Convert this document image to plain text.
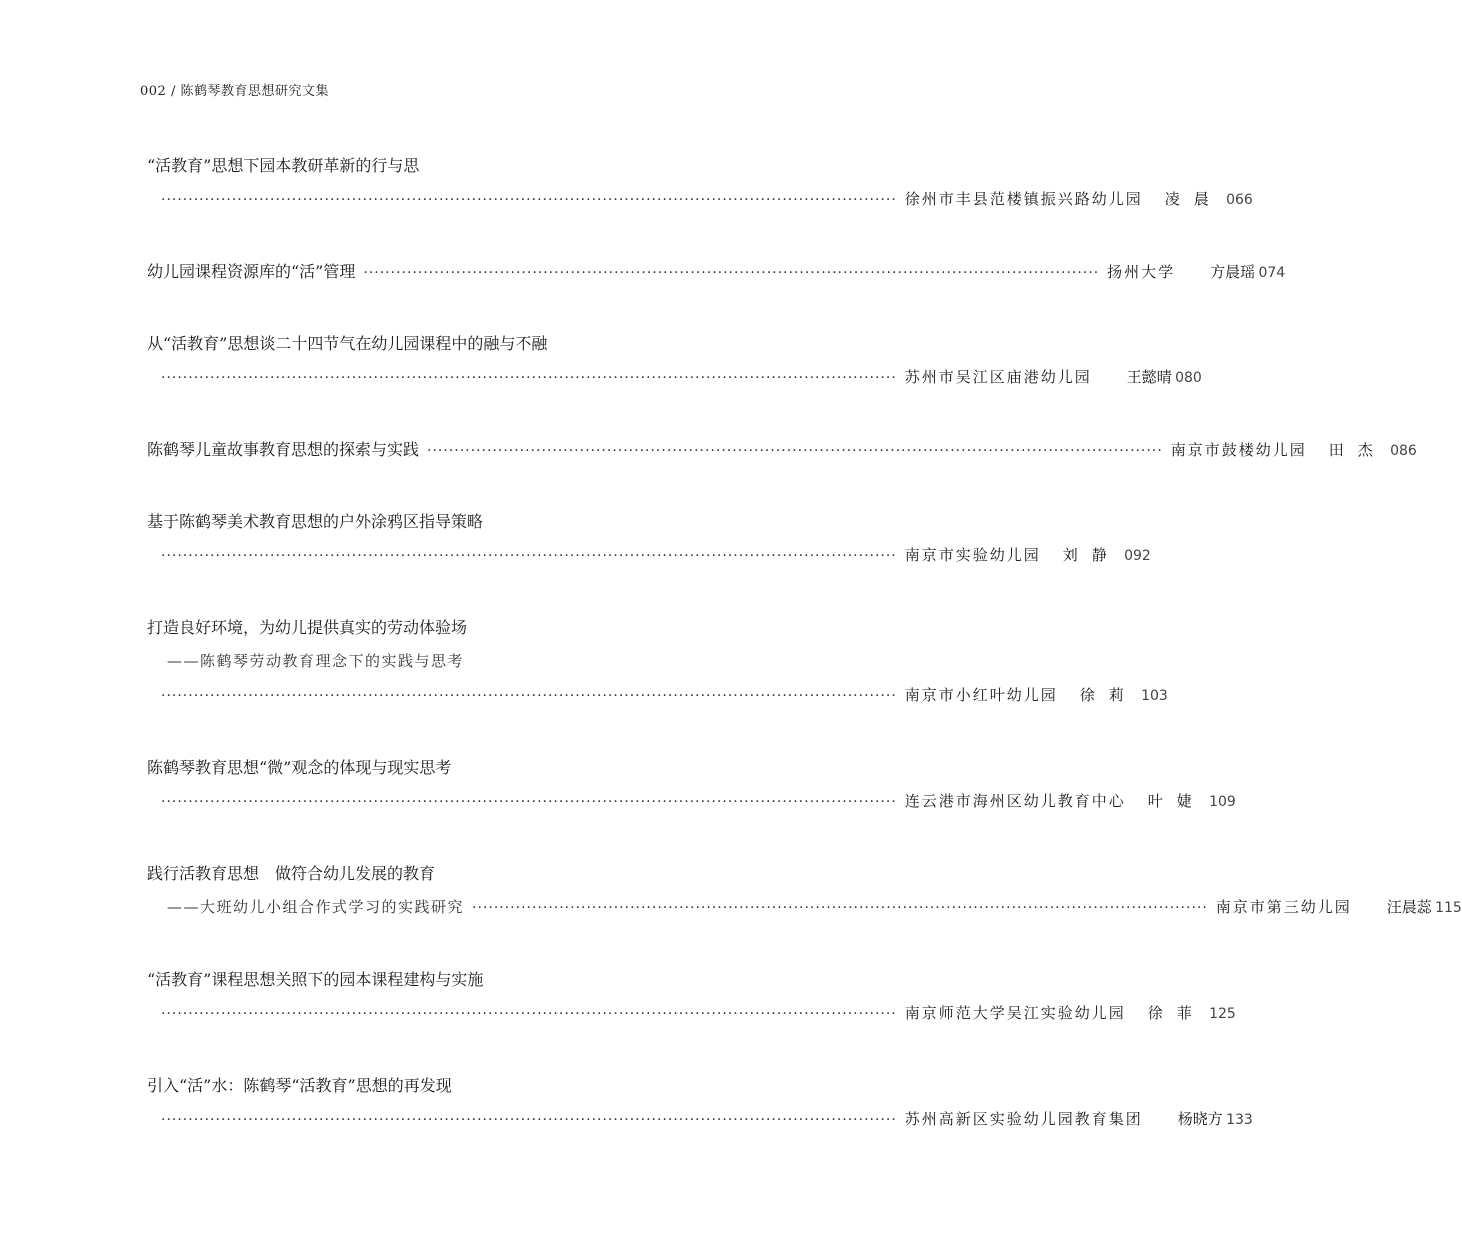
002 / 陈鹤琴教育思想研究文集
“活教育”思想下园本教研革新的行与思
······································································································································· 徐州市丰县范楼镇振兴路幼儿园 凌晨 066
幼儿园课程资源库的“活”管理 ······································································································································· 扬州大学	方晨瑶 074
从“活教育”思想谈二十四节气在幼儿园课程中的融与不融
······································································································································· 苏州市吴江区庙港幼儿园	王懿晴 080
陈鹤琴儿童故事教育思想的探索与实践 ······································································································································· 南京市鼓楼幼儿园 田杰 086
基于陈鹤琴美术教育思想的户外涂鸦区指导策略
······································································································································· 南京市实验幼儿园 刘静 092
打造良好环境，为幼儿提供真实的劳动体验场
——陈鹤琴劳动教育理念下的实践与思考
······································································································································· 南京市小红叶幼儿园 徐莉 103
陈鹤琴教育思想“微”观念的体现与现实思考
······································································································································· 连云港市海州区幼儿教育中心 叶婕 109
践行活教育思想　做符合幼儿发展的教育
——大班幼儿小组合作式学习的实践研究 ······································································································································· 南京市第三幼儿园	汪晨蕊 115
“活教育”课程思想关照下的园本课程建构与实施
······································································································································· 南京师范大学吴江实验幼儿园 徐菲 125
引入“活”水：陈鹤琴“活教育”思想的再发现
······································································································································· 苏州高新区实验幼儿园教育集团	杨晓方 133
